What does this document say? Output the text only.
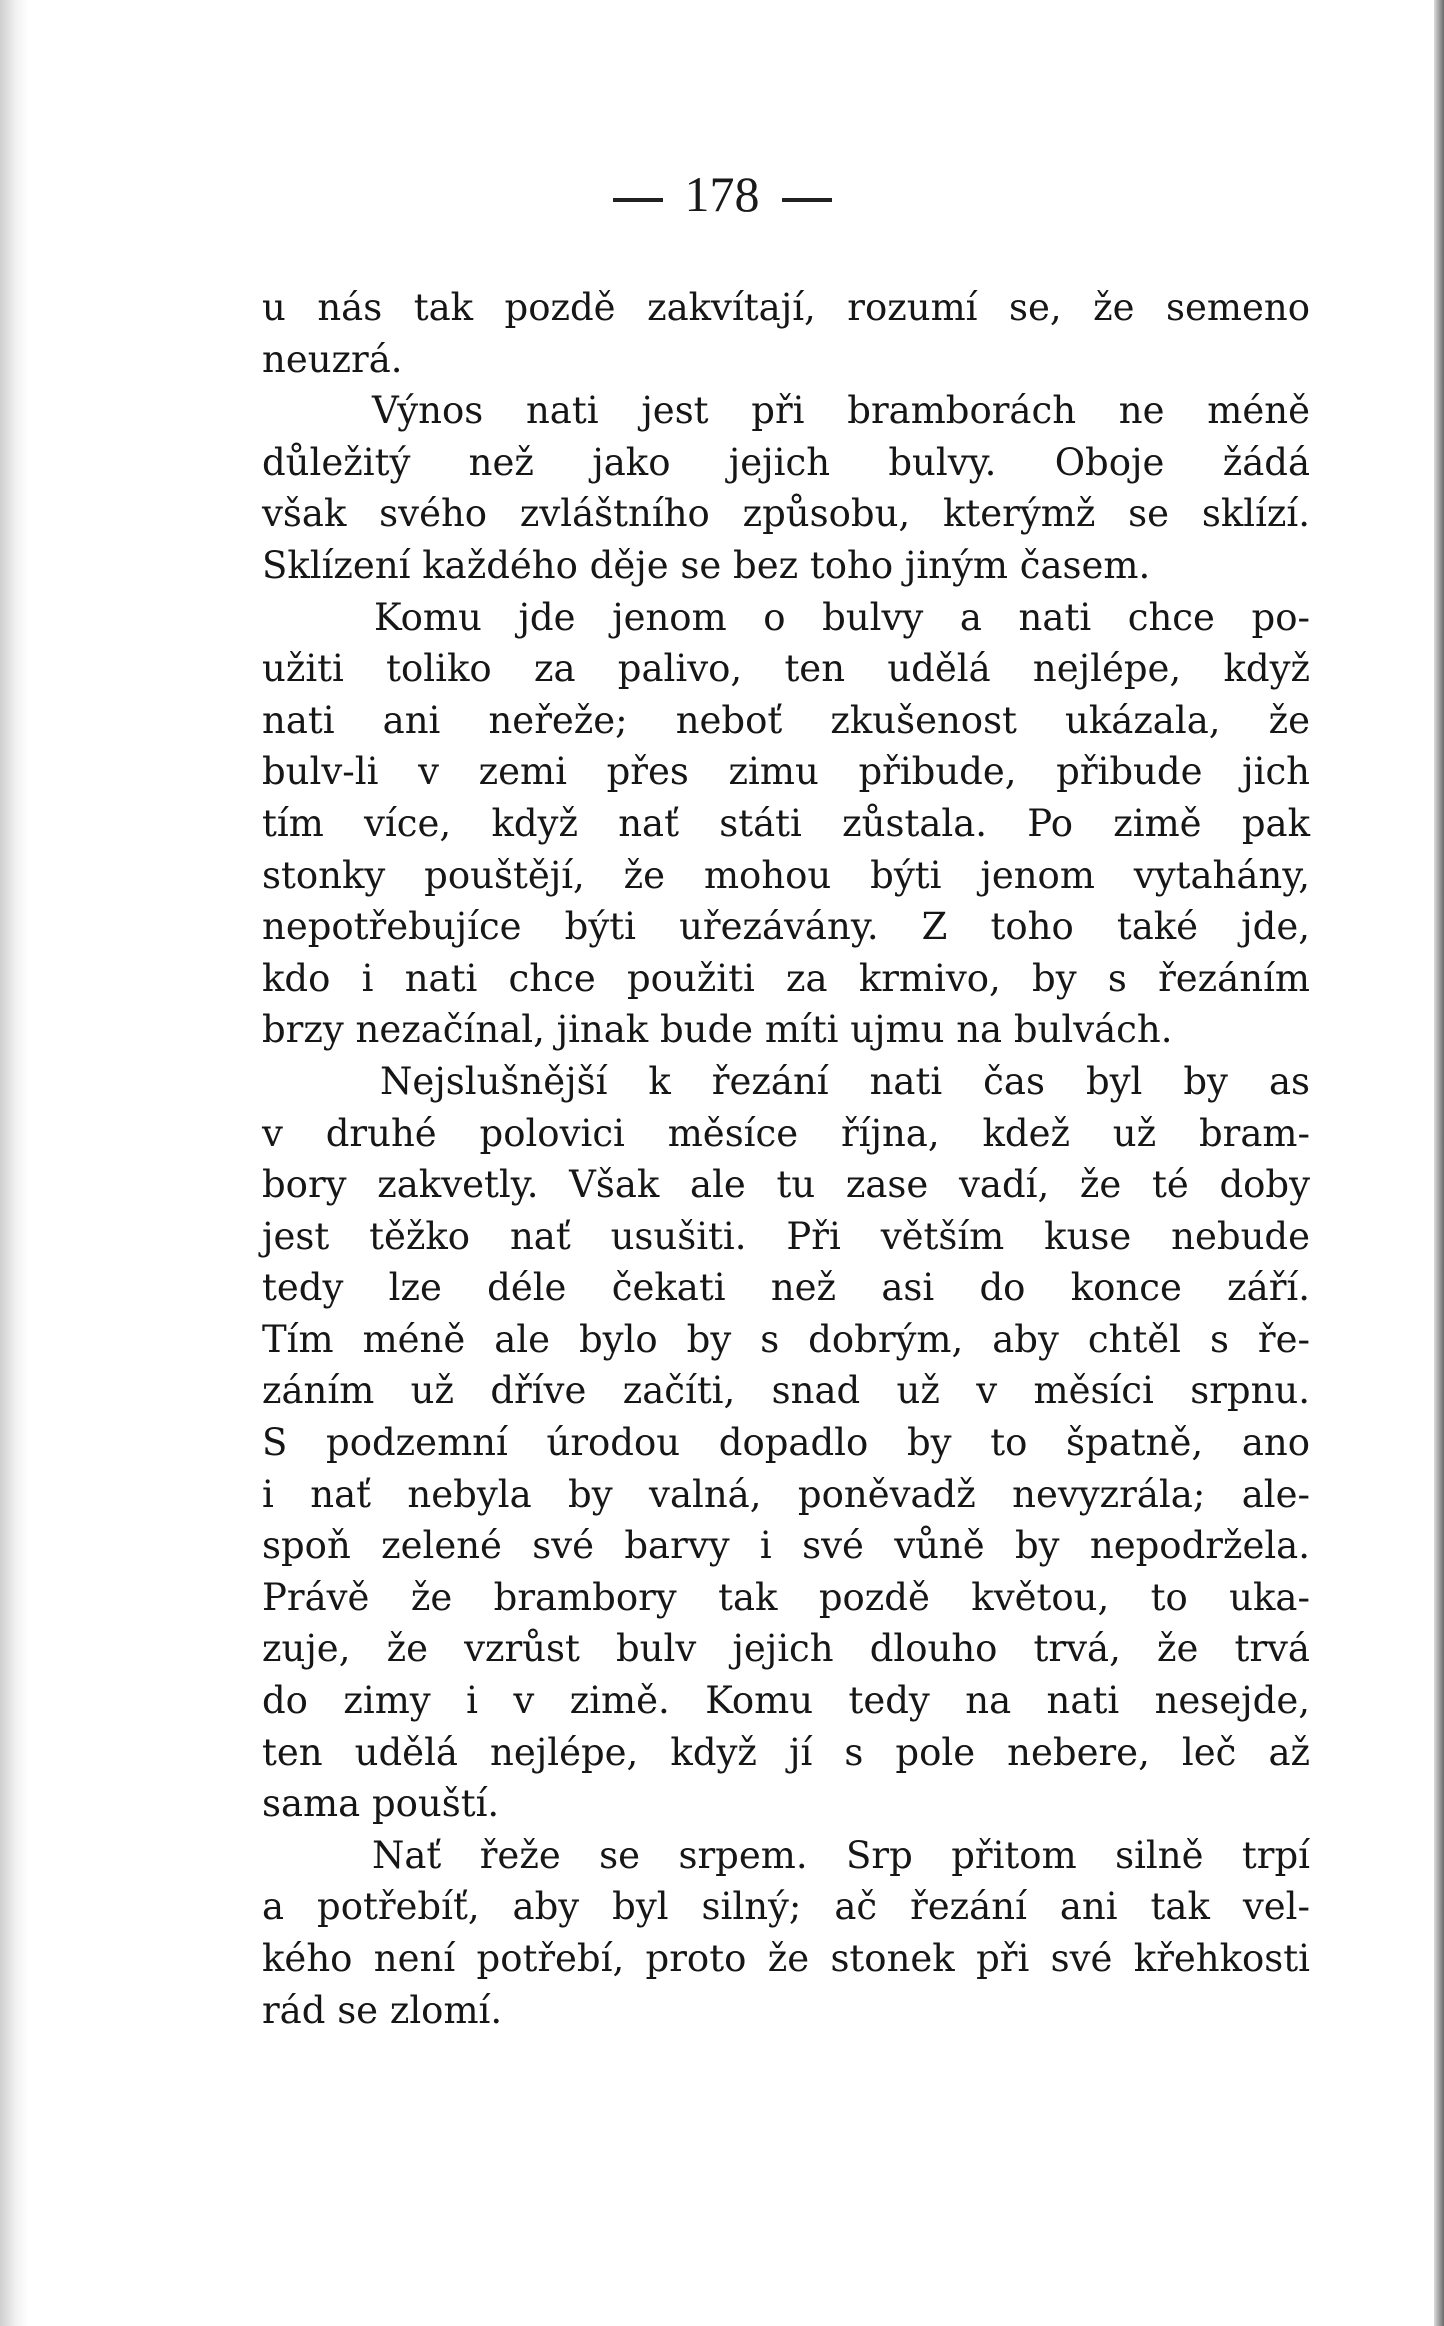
178
u nás tak pozdě zakvítají, rozumí se, že semeno
neuzrá.
Výnos nati jest při bramborách ne méně
důležitý než jako jejich bulvy. Oboje žádá
však svého zvláštního způsobu, kterýmž se sklízí.
Sklízení každého děje se bez toho jiným časem.
Komu jde jenom o bulvy a nati chce po-
užiti toliko za palivo, ten udělá nejlépe, když
nati ani neřeže; neboť zkušenost ukázala, že
bulv-li v zemi přes zimu přibude, přibude jich
tím více, když nať státi zůstala. Po zimě pak
stonky pouštějí, že mohou býti jenom vytahány,
nepotřebujíce býti uřezávány. Z toho také jde,
kdo i nati chce použiti za krmivo, by s řezáním
brzy nezačínal, jinak bude míti ujmu na bulvách.
Nejslušnější k řezání nati čas byl by as
v druhé polovici měsíce října, kdež už bram-
bory zakvetly. Však ale tu zase vadí, že té doby
jest těžko nať usušiti. Při větším kuse nebude
tedy lze déle čekati než asi do konce září.
Tím méně ale bylo by s dobrým, aby chtěl s ře-
záním už dříve začíti, snad už v měsíci srpnu.
S podzemní úrodou dopadlo by to špatně, ano
i nať nebyla by valná, poněvadž nevyzrála; ale-
spoň zelené své barvy i své vůně by nepodržela.
Právě že brambory tak pozdě květou, to uka-
zuje, že vzrůst bulv jejich dlouho trvá, že trvá
do zimy i v zimě. Komu tedy na nati nesejde,
ten udělá nejlépe, když jí s pole nebere, leč až
sama pouští.
Nať řeže se srpem. Srp přitom silně trpí
a potřebíť, aby byl silný; ač řezání ani tak vel-
kého není potřebí, proto že stonek při své křehkosti
rád se zlomí.
